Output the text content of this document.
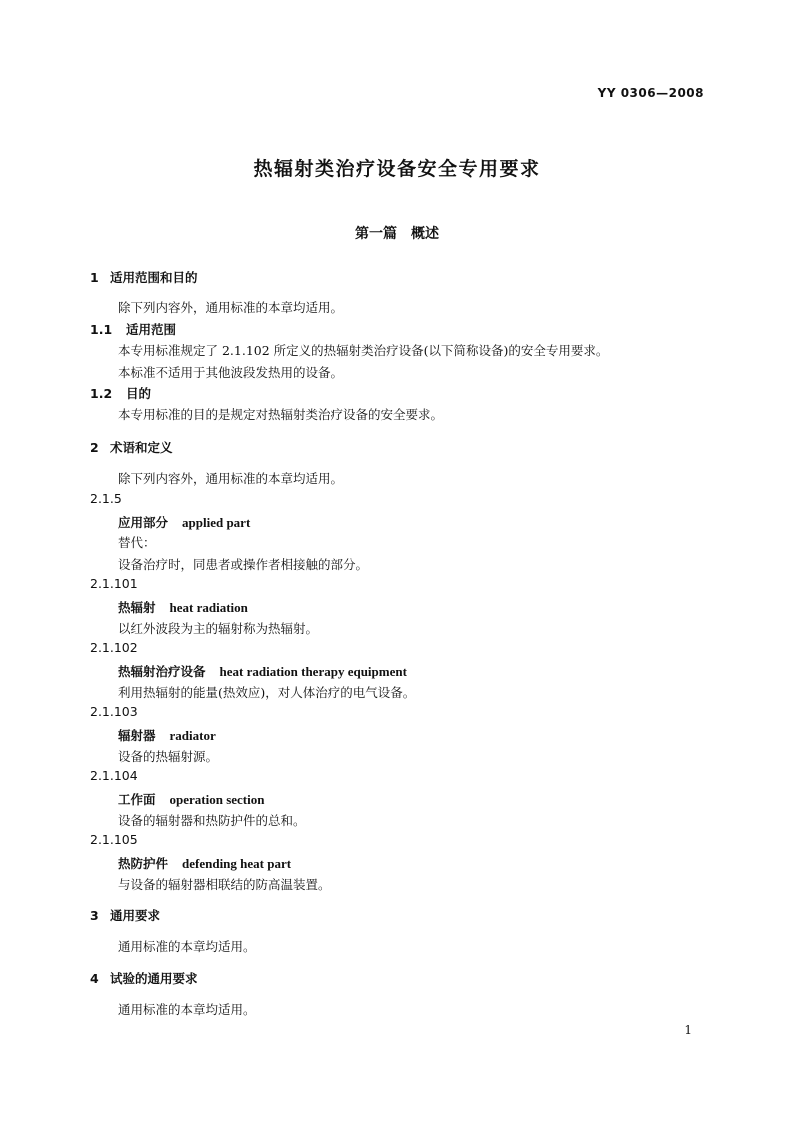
YY 0306—2008
热辐射类治疗设备安全专用要求
第一篇　概述
1 适用范围和目的
除下列内容外，通用标准的本章均适用。
1.1 适用范围
本专用标准规定了 2.1.102 所定义的热辐射类治疗设备(以下简称设备)的安全专用要求。
本标准不适用于其他波段发热用的设备。
1.2 目的
本专用标准的目的是规定对热辐射类治疗设备的安全要求。
2 术语和定义
除下列内容外，通用标准的本章均适用。
2.1.5
应用部分 applied part
替代：
设备治疗时，同患者或操作者相接触的部分。
2.1.101
热辐射 heat radiation
以红外波段为主的辐射称为热辐射。
2.1.102
热辐射治疗设备 heat radiation therapy equipment
利用热辐射的能量(热效应)，对人体治疗的电气设备。
2.1.103
辐射器 radiator
设备的热辐射源。
2.1.104
工作面 operation section
设备的辐射器和热防护件的总和。
2.1.105
热防护件 defending heat part
与设备的辐射器相联结的防高温装置。
3 通用要求
通用标准的本章均适用。
4 试验的通用要求
通用标准的本章均适用。
1
